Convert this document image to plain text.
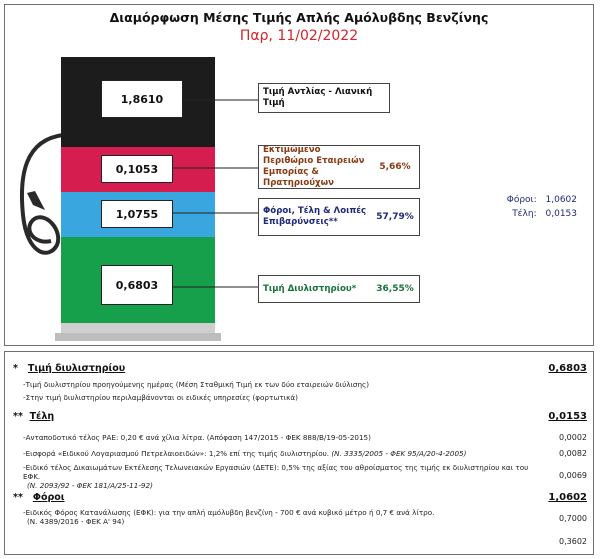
Διαμόρφωση Μέσης Τιμής Απλής Αμόλυβδης Βενζίνης
Παρ, 11/02/2022
1,8610
0,1053
1,0755
0,6803
Τιμή Αντλίας - Λιανική Τιμή
Εκτιμώμενο Περιθώριο Εταιρειών Εμπορίας & Πρατηριούχων
5,66%
Φόροι, Τέλη & Λοιπές Επιβαρύνσεις**	57,79%
Τιμή Διυλιστηρίου*	36,55%
Φόροι: 1,0602
Τέλη: 0,0153
* Τιμή διυλιστηρίου	0,6803
-Τιμή διυλιστηρίου προηγούμενης ημέρας (Μέση Σταθμική Τιμή εκ των δύο εταιρειών διύλισης)
-Στην τιμή διυλιστηρίου περιλαμβάνονται οι ειδικές υπηρεσίες (φορτωτικά)
** Τέλη	0,0153
-Ανταποδοτικό τέλος ΡΑΕ: 0,20 € ανά χίλια λίτρα. (Απόφαση 147/2015 - ΦΕΚ 888/Β/19-05-2015)	0,0002
-Εισφορά «Ειδικού Λογαριασμού Πετρελαιοειδών»: 1,2% επί της τιμής διυλιστηρίου. (Ν. 3335/2005 - ΦΕΚ 95/Α/20-4-2005)	0,0082
-Ειδικό τέλος Δικαιωμάτων Εκτέλεσης Τελωνειακών Εργασιών (ΔΕΤΕ): 0,5% της αξίας του αθροίσματος της τιμής εκ διυλιστηρίου και του ΕΦΚ.
(Ν. 2093/92 - ΦΕΚ 181/Α/25-11-92)
0,0069
** Φόροι	1,0602
-Ειδικός Φόρος Κατανάλωσης (ΕΦΚ): για την απλή αμόλυβδη βενζίνη - 700 € ανά κυβικό μέτρο ή 0,7 € ανά λίτρο.
(Ν. 4389/2016 - ΦΕΚ Α' 94)	0,7000
0,3602
